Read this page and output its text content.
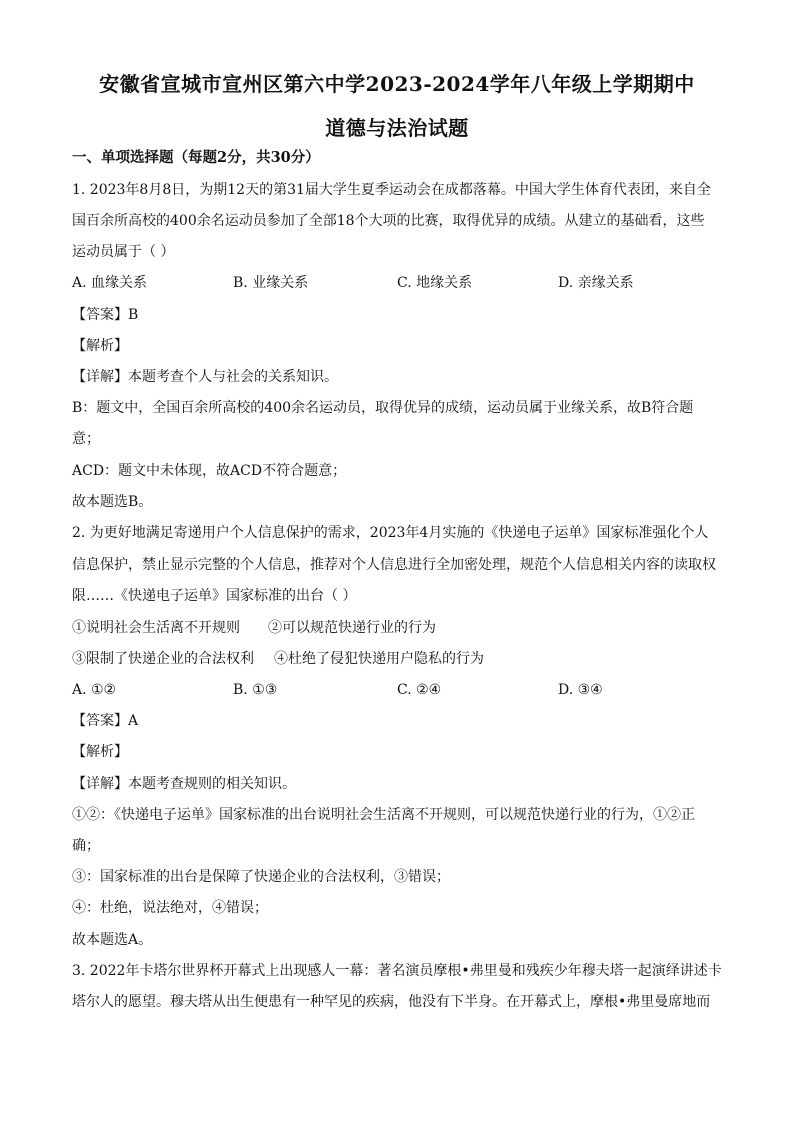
安徽省宣城市宣州区第六中学2023-2024学年八年级上学期期中
道德与法治试题
一、单项选择题（每题2分，共30分）
1. 2023年8月8日，为期12天的第31届大学生夏季运动会在成都落幕。中国大学生体育代表团，来自全
国百余所高校的400余名运动员参加了全部18个大项的比赛，取得优异的成绩。从建立的基础看，这些
运动员属于（ ）
A. 血缘关系	B. 业缘关系	C. 地缘关系	D. 亲缘关系
【答案】B
【解析】
【详解】本题考查个人与社会的关系知识。
B：题文中，全国百余所高校的400余名运动员，取得优异的成绩，运动员属于业缘关系，故B符合题
意；
ACD：题文中未体现，故ACD不符合题意；
故本题选B。
2. 为更好地满足寄递用户个人信息保护的需求，2023年4月实施的《快递电子运单》国家标准强化个人
信息保护，禁止显示完整的个人信息，推荐对个人信息进行全加密处理，规范个人信息相关内容的读取权
限……《快递电子运单》国家标准的出台（ ）
①说明社会生活离不开规则 ②可以规范快递行业的行为
③限制了快递企业的合法权利 ④杜绝了侵犯快递用户隐私的行为
A. ①②	B. ①③	C. ②④	D. ③④
【答案】A
【解析】
【详解】本题考查规则的相关知识。
①②：《快递电子运单》国家标准的出台说明社会生活离不开规则，可以规范快递行业的行为，①②正
确；
③：国家标准的出台是保障了快递企业的合法权利，③错误；
④：杜绝，说法绝对，④错误；
故本题选A。
3. 2022年卡塔尔世界杯开幕式上出现感人一幕：著名演员摩根•弗里曼和残疾少年穆夫塔一起演绎讲述卡
塔尔人的愿望。穆夫塔从出生便患有一种罕见的疾病，他没有下半身。在开幕式上，摩根•弗里曼席地而
